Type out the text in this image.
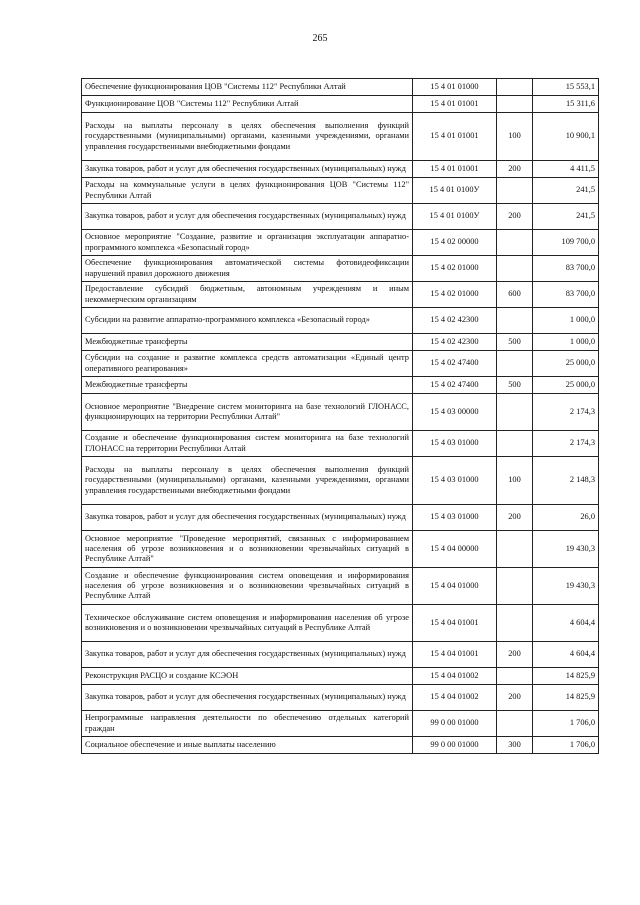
265
Обеспечение функционирования ЦОВ "Системы 112" Республики Алтай	15 4 01 01000		15 553,1
Функционирование ЦОВ "Системы 112" Республики Алтай	15 4 01 01001		15 311,6
Расходы на выплаты персоналу в целях обеспечения выполнения функций государственными (муниципальными) органами, казенными учреждениями, органами управления государственными внебюджетными фондами	15 4 01 01001	100	10 900,1
Закупка товаров, работ и услуг для обеспечения государственных (муниципальных) нужд	15 4 01 01001	200	4 411,5
Расходы на коммунальные услуги в целях функционирования ЦОВ "Системы 112" Республики Алтай	15 4 01 0100У		241,5
Закупка товаров, работ и услуг для обеспечения государственных (муниципальных) нужд	15 4 01 0100У	200	241,5
Основное мероприятие "Создание, развитие и организация эксплуатации аппаратно-программного комплекса «Безопасный город»	15 4 02 00000		109 700,0
Обеспечение функционирования автоматической системы фотовидеофиксации нарушений правил дорожного движения	15 4 02 01000		83 700,0
Предоставление субсидий бюджетным, автономным учреждениям и иным некоммерческим организациям	15 4 02 01000	600	83 700,0
Субсидии на развитие аппаратно-программного комплекса «Безопасный город»	15 4 02 42300		1 000,0
Межбюджетные трансферты	15 4 02 42300	500	1 000,0
Субсидии на создание и развитие комплекса средств автоматизации «Единый центр оперативного реагирования»	15 4 02 47400		25 000,0
Межбюджетные трансферты	15 4 02 47400	500	25 000,0
Основное мероприятие "Внедрение систем мониторинга на базе технологий ГЛОНАСС, функционирующих на территории Республики Алтай"	15 4 03 00000		2 174,3
Создание и обеспечение функционирования систем мониторинга на базе технологий ГЛОНАСС на территории Республики Алтай	15 4 03 01000		2 174,3
Расходы на выплаты персоналу в целях обеспечения выполнения функций государственными (муниципальными) органами, казенными учреждениями, органами управления государственными внебюджетными фондами	15 4 03 01000	100	2 148,3
Закупка товаров, работ и услуг для обеспечения государственных (муниципальных) нужд	15 4 03 01000	200	26,0
Основное мероприятие "Проведение мероприятий, связанных с информированием населения об угрозе возникновения и о возникновении чрезвычайных ситуаций в Республике Алтай"	15 4 04 00000		19 430,3
Создание и обеспечение функционирования систем оповещения и информирования населения об угрозе возникновения и о возникновении чрезвычайных ситуаций в Республике Алтай	15 4 04 01000		19 430,3
Техническое обслуживание систем оповещения и информирования населения об угрозе возникновения и о возникновении чрезвычайных ситуаций в Республике Алтай	15 4 04 01001		4 604,4
Закупка товаров, работ и услуг для обеспечения государственных (муниципальных) нужд	15 4 04 01001	200	4 604,4
Реконструкция РАСЦО и создание КСЭОН	15 4 04 01002		14 825,9
Закупка товаров, работ и услуг для обеспечения государственных (муниципальных) нужд	15 4 04 01002	200	14 825,9
Непрограммные направления деятельности по обеспечению отдельных категорий граждан	99 0 00 01000		1 706,0
Социальное обеспечение и иные выплаты населению	99 0 00 01000	300	1 706,0
